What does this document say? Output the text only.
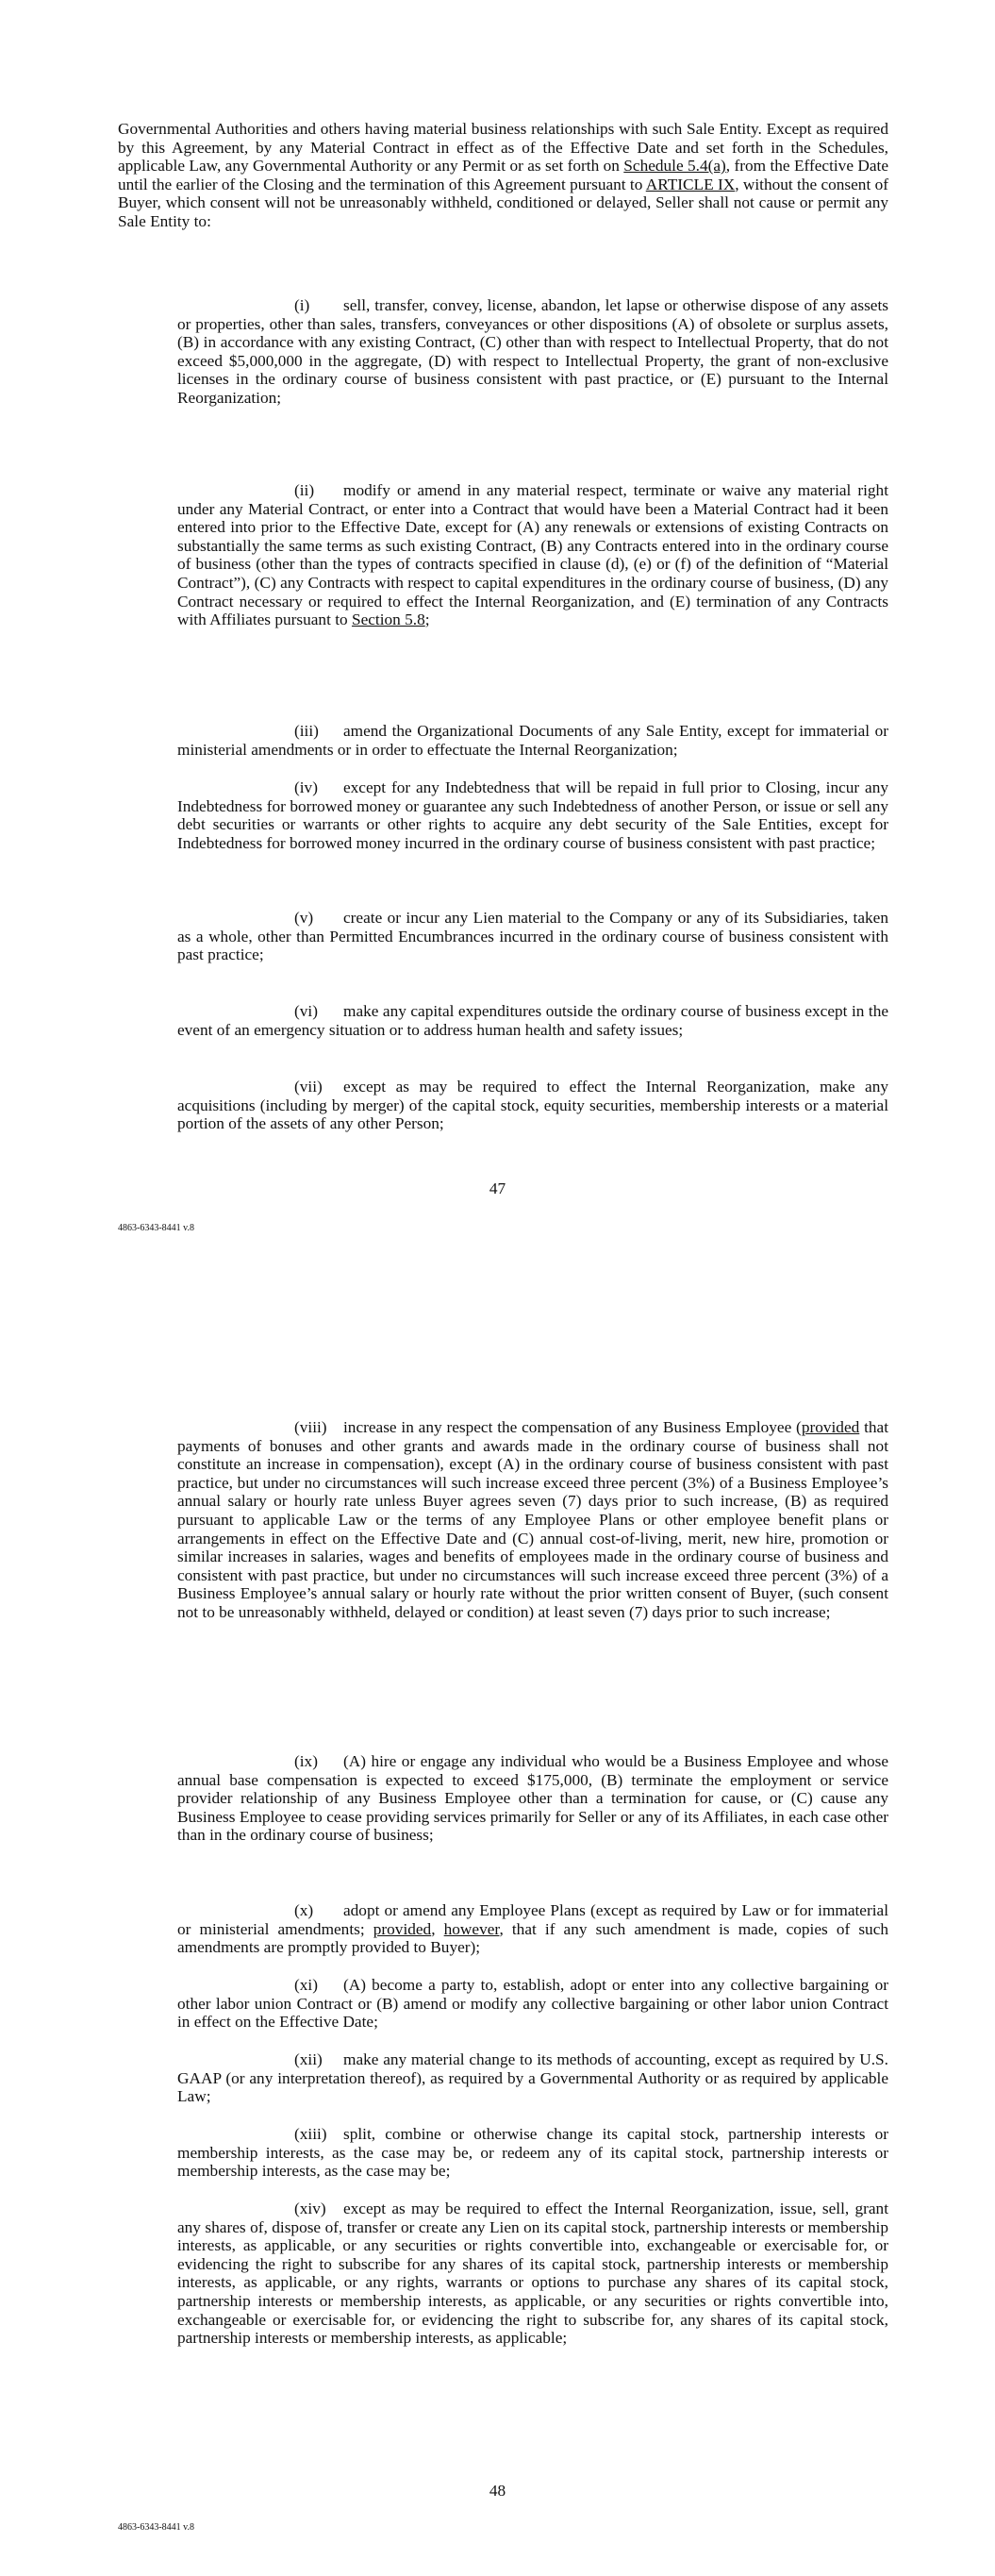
Governmental Authorities and others having material business relationships with such Sale Entity. Except as required by this Agreement, by any Material Contract in effect as of the Effective Date and set forth in the Schedules, applicable Law, any Governmental Authority or any Permit or as set forth on Schedule 5.4(a), from the Effective Date until the earlier of the Closing and the termination of this Agreement pursuant to ARTICLE IX, without the consent of Buyer, which consent will not be unreasonably withheld, conditioned or delayed, Seller shall not cause or permit any Sale Entity to:

(i) sell, transfer, convey, license, abandon, let lapse or otherwise dispose of any assets or properties, other than sales, transfers, conveyances or other dispositions (A) of obsolete or surplus assets, (B) in accordance with any existing Contract, (C) other than with respect to Intellectual Property, that do not exceed $5,000,000 in the aggregate, (D) with respect to Intellectual Property, the grant of non-exclusive licenses in the ordinary course of business consistent with past practice, or (E) pursuant to the Internal Reorganization;

(ii) modify or amend in any material respect, terminate or waive any material right under any Material Contract, or enter into a Contract that would have been a Material Contract had it been entered into prior to the Effective Date, except for (A) any renewals or extensions of existing Contracts on substantially the same terms as such existing Contract, (B) any Contracts entered into in the ordinary course of business (other than the types of contracts specified in clause (d), (e) or (f) of the definition of “Material Contract”), (C) any Contracts with respect to capital expenditures in the ordinary course of business, (D) any Contract necessary or required to effect the Internal Reorganization, and (E) termination of any Contracts with Affiliates pursuant to Section 5.8;

(iii) amend the Organizational Documents of any Sale Entity, except for immaterial or ministerial amendments or in order to effectuate the Internal Reorganization;

(iv) except for any Indebtedness that will be repaid in full prior to Closing, incur any Indebtedness for borrowed money or guarantee any such Indebtedness of another Person, or issue or sell any debt securities or warrants or other rights to acquire any debt security of the Sale Entities, except for Indebtedness for borrowed money incurred in the ordinary course of business consistent with past practice;

(v) create or incur any Lien material to the Company or any of its Subsidiaries, taken as a whole, other than Permitted Encumbrances incurred in the ordinary course of business consistent with past practice;

(vi) make any capital expenditures outside the ordinary course of business except in the event of an emergency situation or to address human health and safety issues;

(vii) except as may be required to effect the Internal Reorganization, make any acquisitions (including by merger) of the capital stock, equity securities, membership interests or a material portion of the assets of any other Person;

47
4863-6343-8441 v.8

(viii) increase in any respect the compensation of any Business Employee (provided that payments of bonuses and other grants and awards made in the ordinary course of business shall not constitute an increase in compensation), except (A) in the ordinary course of business consistent with past practice, but under no circumstances will such increase exceed three percent (3%) of a Business Employee’s annual salary or hourly rate unless Buyer agrees seven (7) days prior to such increase, (B) as required pursuant to applicable Law or the terms of any Employee Plans or other employee benefit plans or arrangements in effect on the Effective Date and (C) annual cost-of-living, merit, new hire, promotion or similar increases in salaries, wages and benefits of employees made in the ordinary course of business and consistent with past practice, but under no circumstances will such increase exceed three percent (3%) of a Business Employee’s annual salary or hourly rate without the prior written consent of Buyer, (such consent not to be unreasonably withheld, delayed or condition) at least seven (7) days prior to such increase;

(ix) (A) hire or engage any individual who would be a Business Employee and whose annual base compensation is expected to exceed $175,000, (B) terminate the employment or service provider relationship of any Business Employee other than a termination for cause, or (C) cause any Business Employee to cease providing services primarily for Seller or any of its Affiliates, in each case other than in the ordinary course of business;

(x) adopt or amend any Employee Plans (except as required by Law or for immaterial or ministerial amendments; provided, however, that if any such amendment is made, copies of such amendments are promptly provided to Buyer);

(xi) (A) become a party to, establish, adopt or enter into any collective bargaining or other labor union Contract or (B) amend or modify any collective bargaining or other labor union Contract in effect on the Effective Date;

(xii) make any material change to its methods of accounting, except as required by U.S. GAAP (or any interpretation thereof), as required by a Governmental Authority or as required by applicable Law;

(xiii) split, combine or otherwise change its capital stock, partnership interests or membership interests, as the case may be, or redeem any of its capital stock, partnership interests or membership interests, as the case may be;

(xiv) except as may be required to effect the Internal Reorganization, issue, sell, grant any shares of, dispose of, transfer or create any Lien on its capital stock, partnership interests or membership interests, as applicable, or any securities or rights convertible into, exchangeable or exercisable for, or evidencing the right to subscribe for any shares of its capital stock, partnership interests or membership interests, as applicable, or any rights, warrants or options to purchase any shares of its capital stock, partnership interests or membership interests, as applicable, or any securities or rights convertible into, exchangeable or exercisable for, or evidencing the right to subscribe for, any shares of its capital stock, partnership interests or membership interests, as applicable;

48
4863-6343-8441 v.8
